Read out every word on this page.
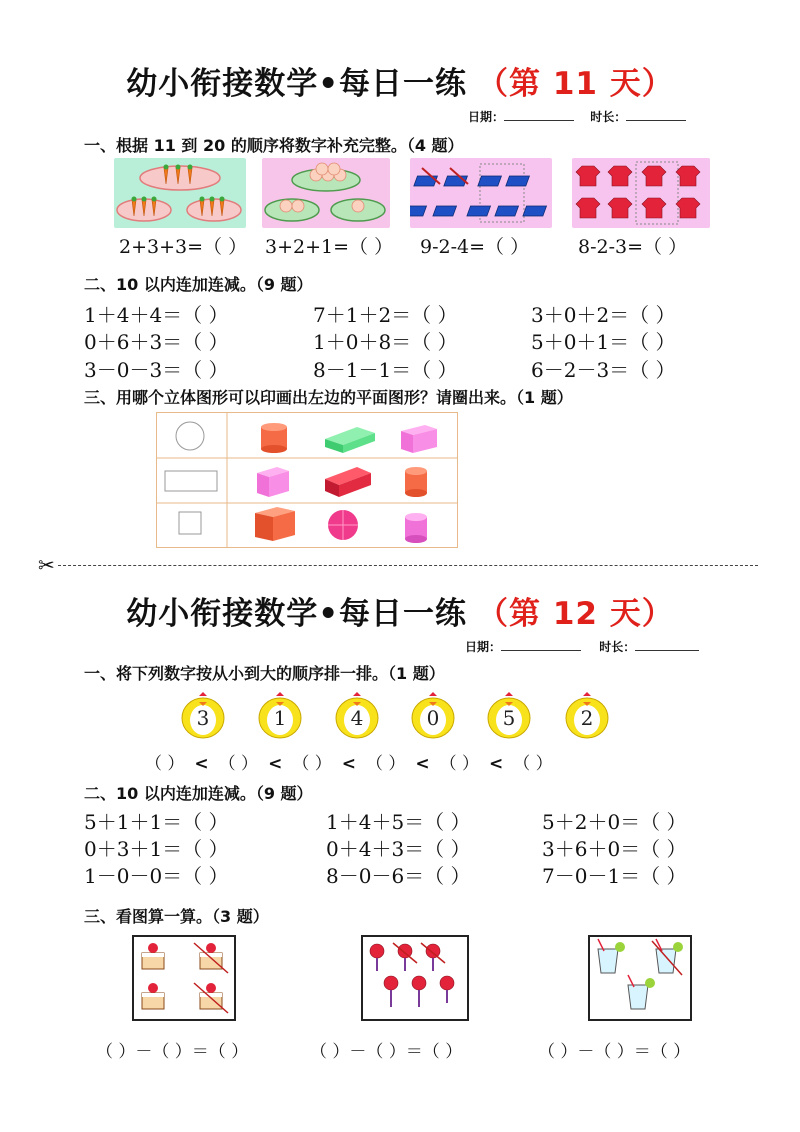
幼小衔接数学•每日一练 （第 11 天）
日期：	时长：
一、根据 11 到 20 的顺序将数字补充完整。（4 题）
2+3+3=（ ） 3+2+1=（ ） 9-2-4=（ ）	8-2-3=（ ）
二、10 以内连加连减。（9 题）
1＋4＋4＝（ ）	7＋1＋2＝（ ）	3＋0＋2＝（ ）
0＋6＋3＝（ ）	1＋0＋8＝（ ）	5＋0＋1＝（ ）
3－0－3＝（ ）	8－1－1＝（ ）	6－2－3＝（ ）
三、用哪个立体图形可以印画出左边的平面图形？请圈出来。（1 题）
✂
幼小衔接数学•每日一练 （第 12 天）
日期：	时长：
一、将下列数字按从小到大的顺序排一排。（1 题）
3	1	4	0	5	2
（ ） < （ ） < （ ） < （ ） < （ ） < （ ）
二、10 以内连加连减。（9 题）
5＋1＋1＝（ ）	1＋4＋5＝（ ）	5＋2＋0＝（ ）
0＋3＋1＝（ ）	0＋4＋3＝（ ）	3＋6＋0＝（ ）
1－0－0＝（ ）	8－0－6＝（ ）	7－0－1＝（ ）
三、看图算一算。（3 题）
（ ）－（ ）＝（ ）	（ ）－（ ）＝（ ）	（ ）－（ ）＝（ ）
